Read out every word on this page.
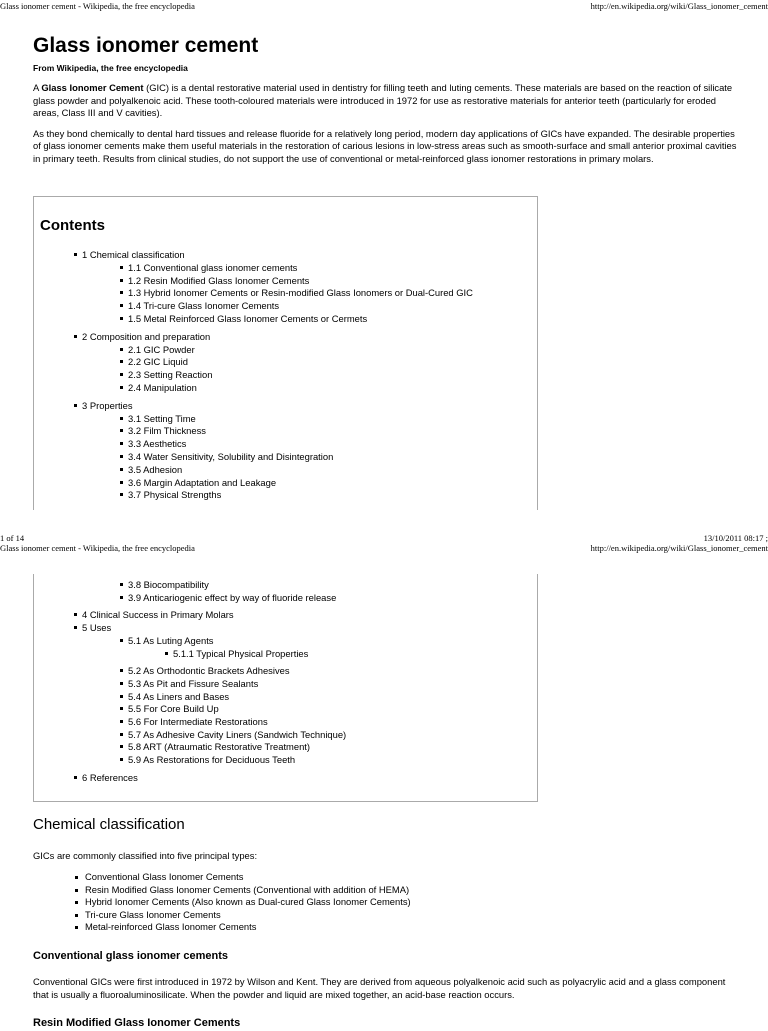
Glass ionomer cement - Wikipedia, the free encyclopedia	http://en.wikipedia.org/wiki/Glass_ionomer_cement
Glass ionomer cement
From Wikipedia, the free encyclopedia

A Glass Ionomer Cement (GIC) is a dental restorative material used in dentistry for filling teeth and luting cements. These materials are based on the reaction of silicate glass powder and polyalkenoic acid. These tooth-coloured materials were introduced in 1972 for use as restorative materials for anterior teeth (particularly for eroded areas, Class III and V cavities).

As they bond chemically to dental hard tissues and release fluoride for a relatively long period, modern day applications of GICs have expanded. The desirable properties of glass ionomer cements make them useful materials in the restoration of carious lesions in low-stress areas such as smooth-surface and small anterior proximal cavities in primary teeth. Results from clinical studies, do not support the use of conventional or metal-reinforced glass ionomer restorations in primary molars.

Contents
1 Chemical classification
1.1 Conventional glass ionomer cements
1.2 Resin Modified Glass Ionomer Cements
1.3 Hybrid Ionomer Cements or Resin-modified Glass Ionomers or Dual-Cured GIC
1.4 Tri-cure Glass Ionomer Cements
1.5 Metal Reinforced Glass Ionomer Cements or Cermets
2 Composition and preparation
2.1 GIC Powder
2.2 GIC Liquid
2.3 Setting Reaction
2.4 Manipulation
3 Properties
3.1 Setting Time
3.2 Film Thickness
3.3 Aesthetics
3.4 Water Sensitivity, Solubility and Disintegration
3.5 Adhesion
3.6 Margin Adaptation and Leakage
3.7 Physical Strengths
1 of 14	13/10/2011 08:17 ;
Glass ionomer cement - Wikipedia, the free encyclopedia	http://en.wikipedia.org/wiki/Glass_ionomer_cement
3.8 Biocompatibility
3.9 Anticariogenic effect by way of fluoride release
4 Clinical Success in Primary Molars
5 Uses
5.1 As Luting Agents
5.1.1 Typical Physical Properties
5.2 As Orthodontic Brackets Adhesives
5.3 As Pit and Fissure Sealants
5.4 As Liners and Bases
5.5 For Core Build Up
5.6 For Intermediate Restorations
5.7 As Adhesive Cavity Liners (Sandwich Technique)
5.8 ART (Atraumatic Restorative Treatment)
5.9 As Restorations for Deciduous Teeth
6 References
Chemical classification

GICs are commonly classified into five principal types:

Conventional Glass Ionomer Cements
Resin Modified Glass Ionomer Cements (Conventional with addition of HEMA)
Hybrid Ionomer Cements (Also known as Dual-cured Glass Ionomer Cements)
Tri-cure Glass Ionomer Cements
Metal-reinforced Glass Ionomer Cements
Conventional glass ionomer cements

Conventional GICs were first introduced in 1972 by Wilson and Kent. They are derived from aqueous polyalkenoic acid such as polyacrylic acid and a glass component that is usually a fluoroaluminosilicate. When the powder and liquid are mixed together, an acid-base reaction occurs.

Resin Modified Glass Ionomer Cements
